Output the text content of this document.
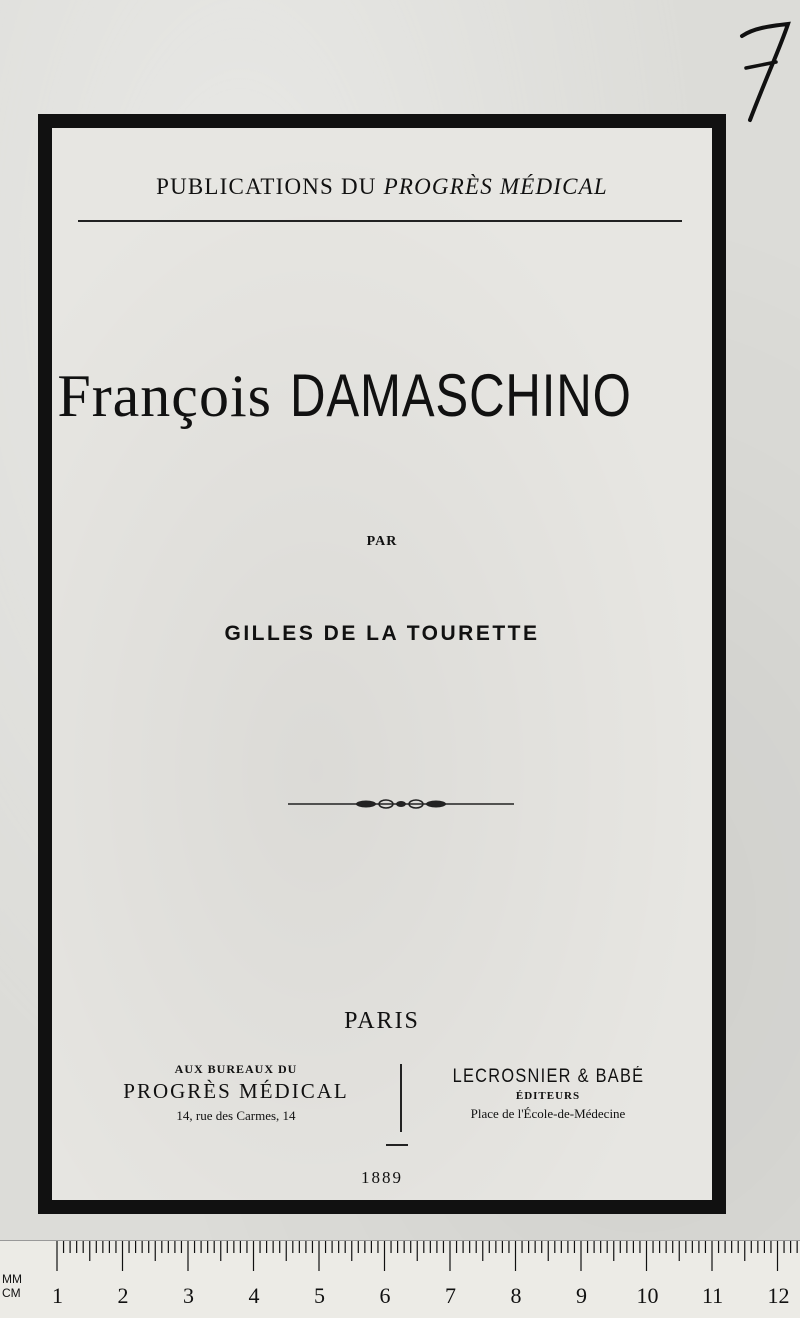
PUBLICATIONS DU PROGRÈS MÉDICAL
François DAMASCHINO
PAR
GILLES DE LA TOURETTE
PARIS
AUX BUREAUX DU
PROGRÈS MÉDICAL
14, rue des Carmes, 14
LECROSNIER & BABÉ
ÉDITEURS
Place de l'École-de-Médecine
1889
MM
CM 1 2 3 4 5 6 7 8 9 10 11 12
